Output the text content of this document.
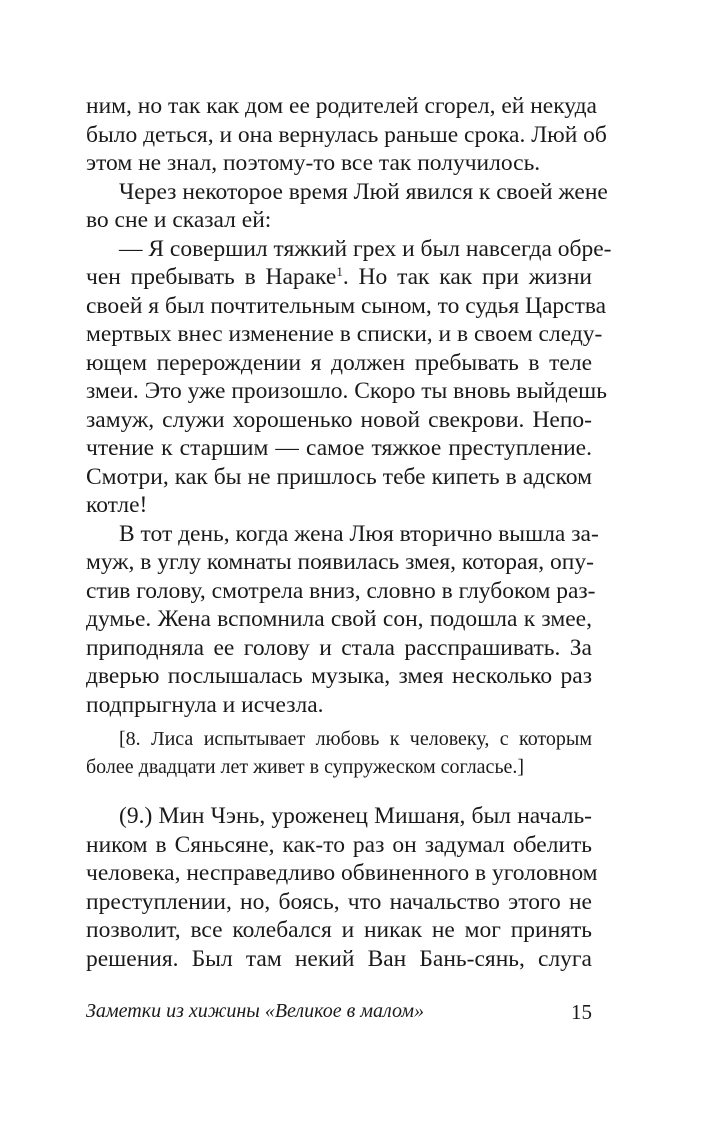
ним, но так как дом ее родителей сгорел, ей некуда
было деться, и она вернулась раньше срока. Люй об
этом не знал, поэтому-то все так получилось.
Через некоторое время Люй явился к своей жене
во сне и сказал ей:
— Я совершил тяжкий грех и был навсегда обре-
чен пребывать в Нараке$^1$. Но так как при жизни
своей я был почтительным сыном, то судья Царства
мертвых внес изменение в списки, и в своем следу-
ющем перерождении я должен пребывать в теле
змеи. Это уже произошло. Скоро ты вновь выйдешь
замуж, служи хорошенько новой свекрови. Непо-
чтение к старшим — самое тяжкое преступление.
Смотри, как бы не пришлось тебе кипеть в адском
котле!
В тот день, когда жена Люя вторично вышла за-
муж, в углу комнаты появилась змея, которая, опу-
стив голову, смотрела вниз, словно в глубоком раз-
думье. Жена вспомнила свой сон, подошла к змее,
приподняла ее голову и стала расспрашивать. За
дверью послышалась музыка, змея несколько раз
подпрыгнула и исчезла.
[8. Лиса испытывает любовь к человеку, с которым
более двадцати лет живет в супружеском согласье.]
(9.) Мин Чэнь, уроженец Мишаня, был началь-
ником в Сяньсяне, как-то раз он задумал обелить
человека, несправедливо обвиненного в уголовном
преступлении, но, боясь, что начальство этого не
позволит, все колебался и никак не мог принять
решения. Был там некий Ван Бань-сянь, слуга
Заметки из хижины «Великое в малом»	15
